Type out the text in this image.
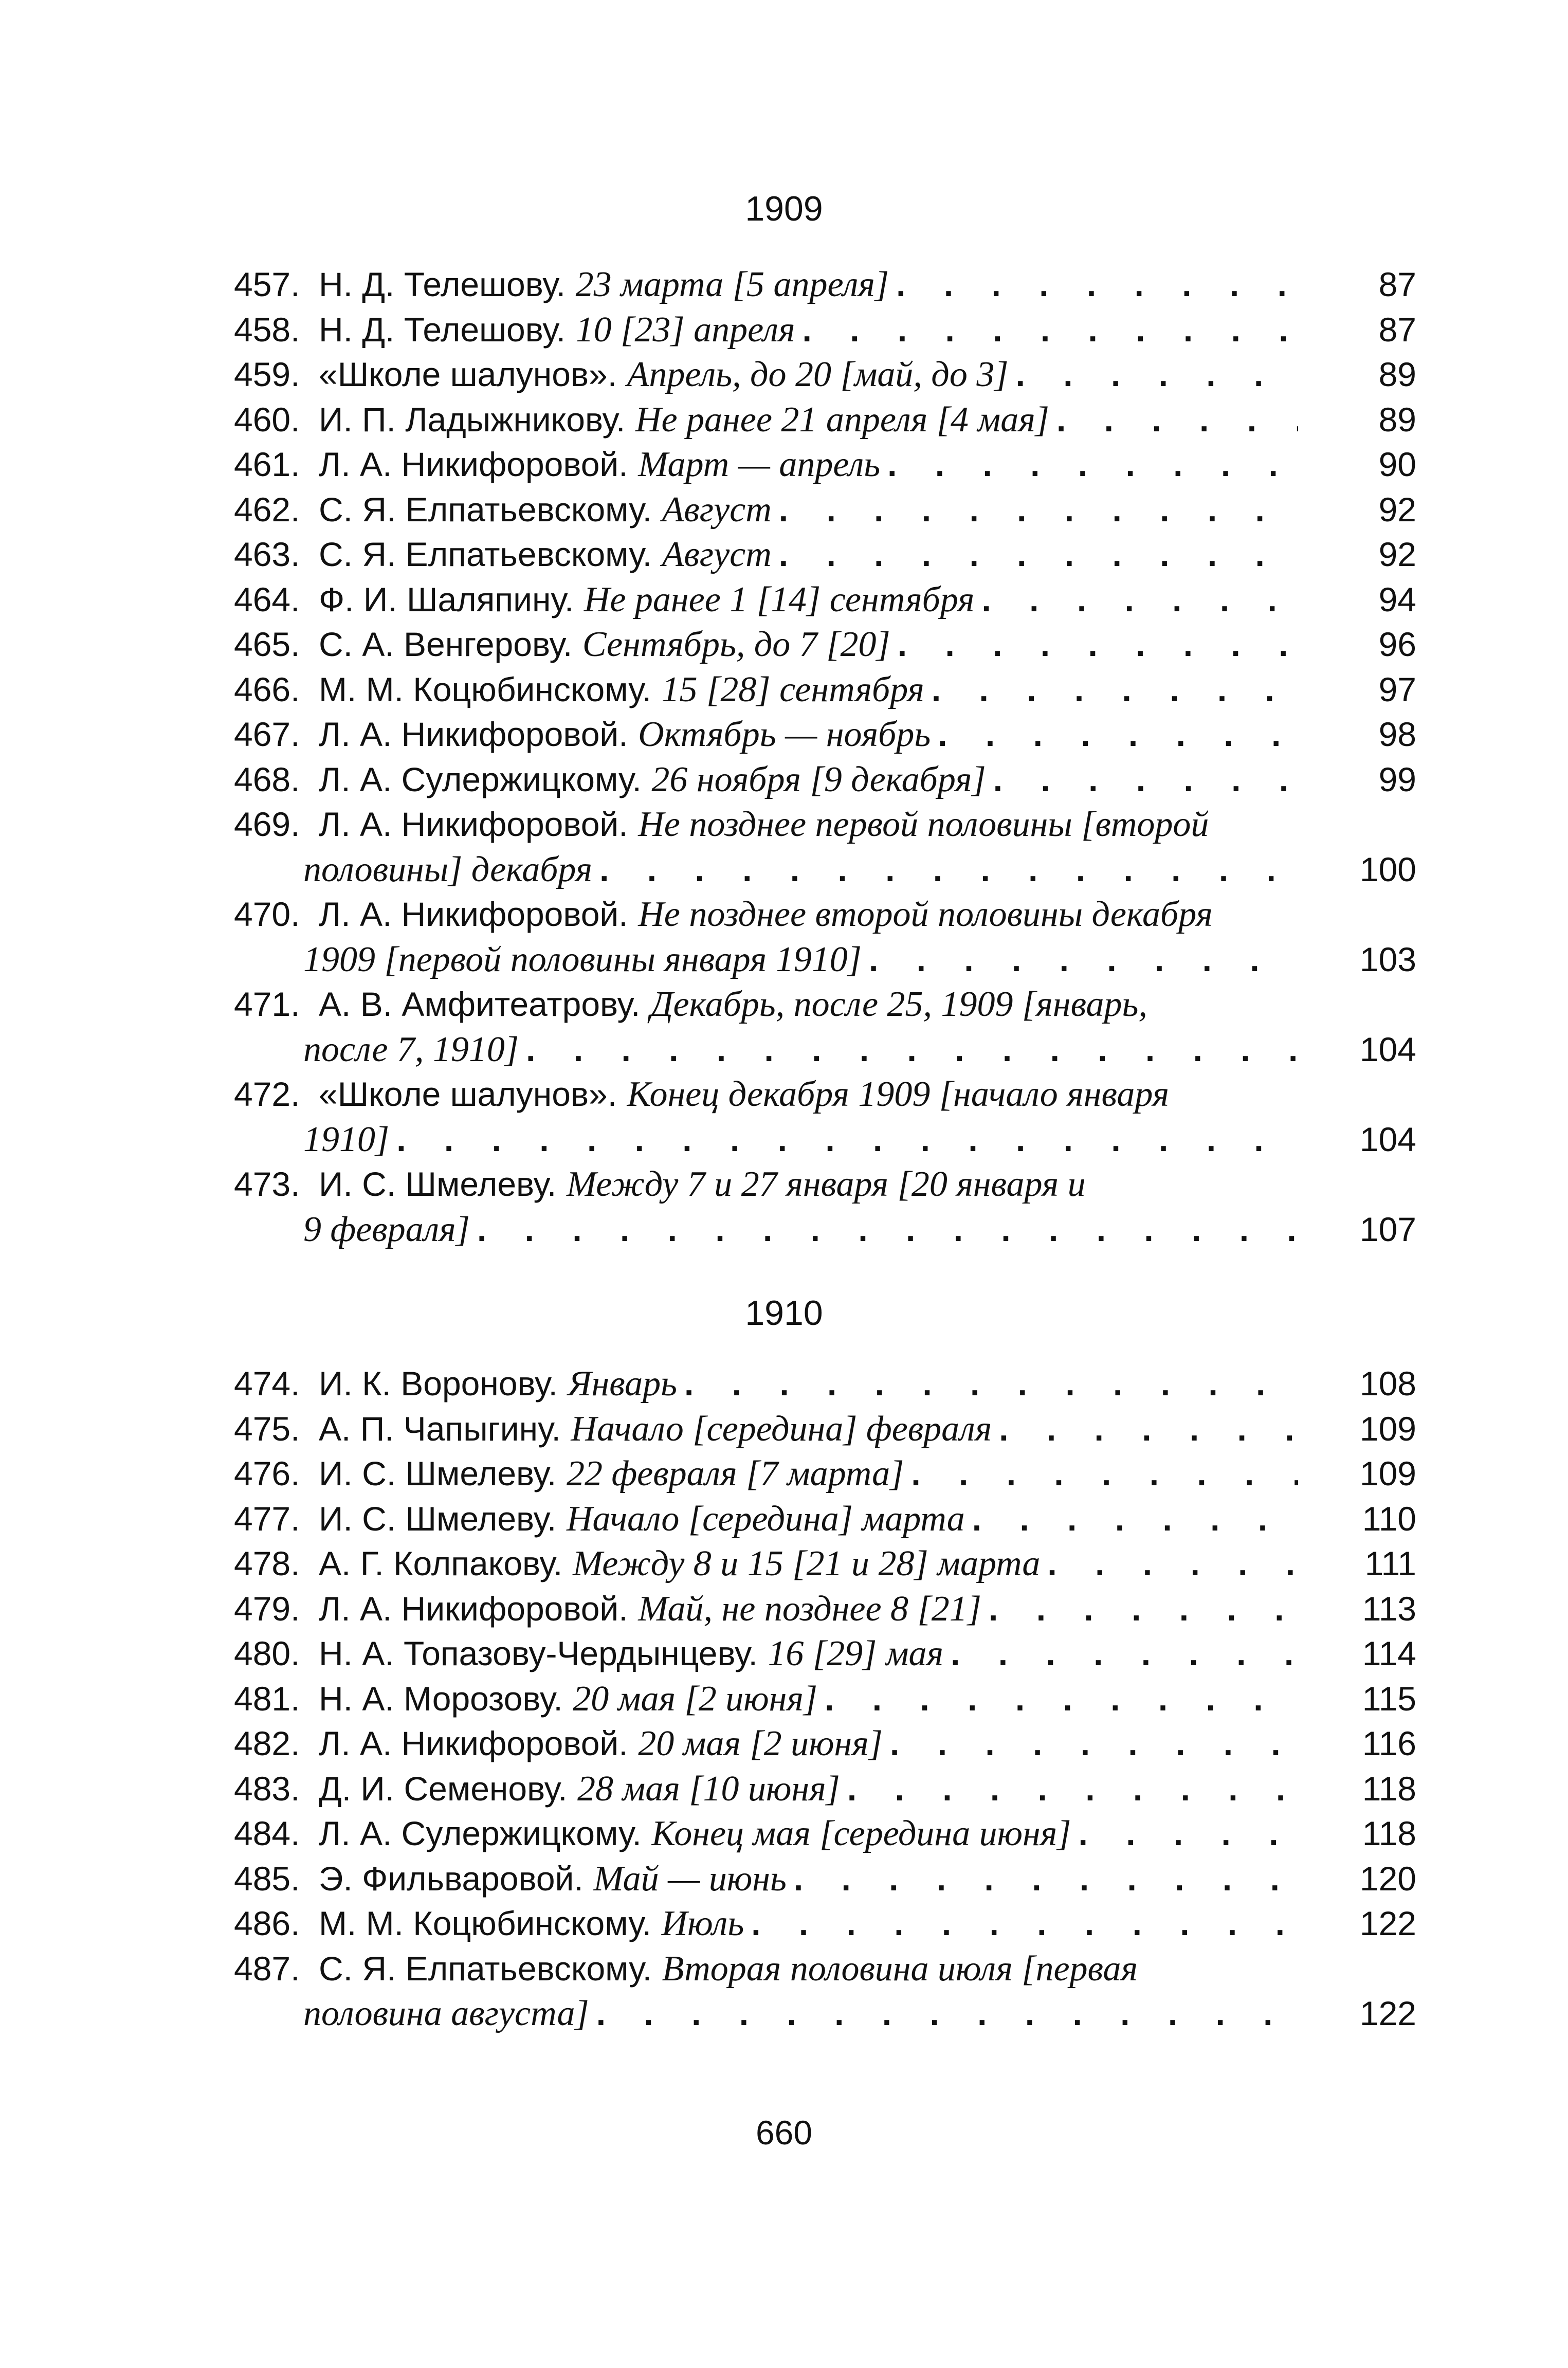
1909
457. Н. Д. Телешову. 23 марта [5 апреля] . . .	87
458. Н. Д. Телешову. 10 [23] апреля . . .	87
459. «Школе шалунов». Апрель, до 20 [май, до 3] . . .	89
460. И. П. Ладыжникову. Не ранее 21 апреля [4 мая] . . .	89
461. Л. А. Никифоровой. Март — апрель . . .	90
462. С. Я. Елпатьевскому. Август . . .	92
463. С. Я. Елпатьевскому. Август . . .	92
464. Ф. И. Шаляпину. Не ранее 1 [14] сентября . . .	94
465. С. А. Венгерову. Сентябрь, до 7 [20] . . .	96
466. М. М. Коцюбинскому. 15 [28] сентября . . .	97
467. Л. А. Никифоровой. Октябрь — ноябрь . . .	98
468. Л. А. Сулержицкому. 26 ноября [9 декабря] . . .	99
469. Л. А. Никифоровой. Не позднее первой половины [второй
половины] декабря . . .	100
470. Л. А. Никифоровой. Не позднее второй половины декабря
1909 [первой половины января 1910] . . .	103
471. А. В. Амфитеатрову. Декабрь, после 25, 1909 [январь,
после 7, 1910] . . .	104
472. «Школе шалунов». Конец декабря 1909 [начало января
1910] . . .	104
473. И. С. Шмелеву. Между 7 и 27 января [20 января и
9 февраля] . . .	107
1910
474. И. К. Воронову. Январь . . .	108
475. А. П. Чапыгину. Начало [середина] февраля . . .	109
476. И. С. Шмелеву. 22 февраля [7 марта] . . .	109
477. И. С. Шмелеву. Начало [середина] марта . . .	110
478. А. Г. Колпакову. Между 8 и 15 [21 и 28] марта . . .	111
479. Л. А. Никифоровой. Май, не позднее 8 [21] . . .	113
480. Н. А. Топазову-Чердынцеву. 16 [29] мая . . .	114
481. Н. А. Морозову. 20 мая [2 июня] . . .	115
482. Л. А. Никифоровой. 20 мая [2 июня] . . .	116
483. Д. И. Семенову. 28 мая [10 июня] . . .	118
484. Л. А. Сулержицкому. Конец мая [середина июня] . . .	118
485. Э. Фильваровой. Май — июнь . . .	120
486. М. М. Коцюбинскому. Июль . . .	122
487. С. Я. Елпатьевскому. Вторая половина июля [первая
половина августа] . . .	122
660
